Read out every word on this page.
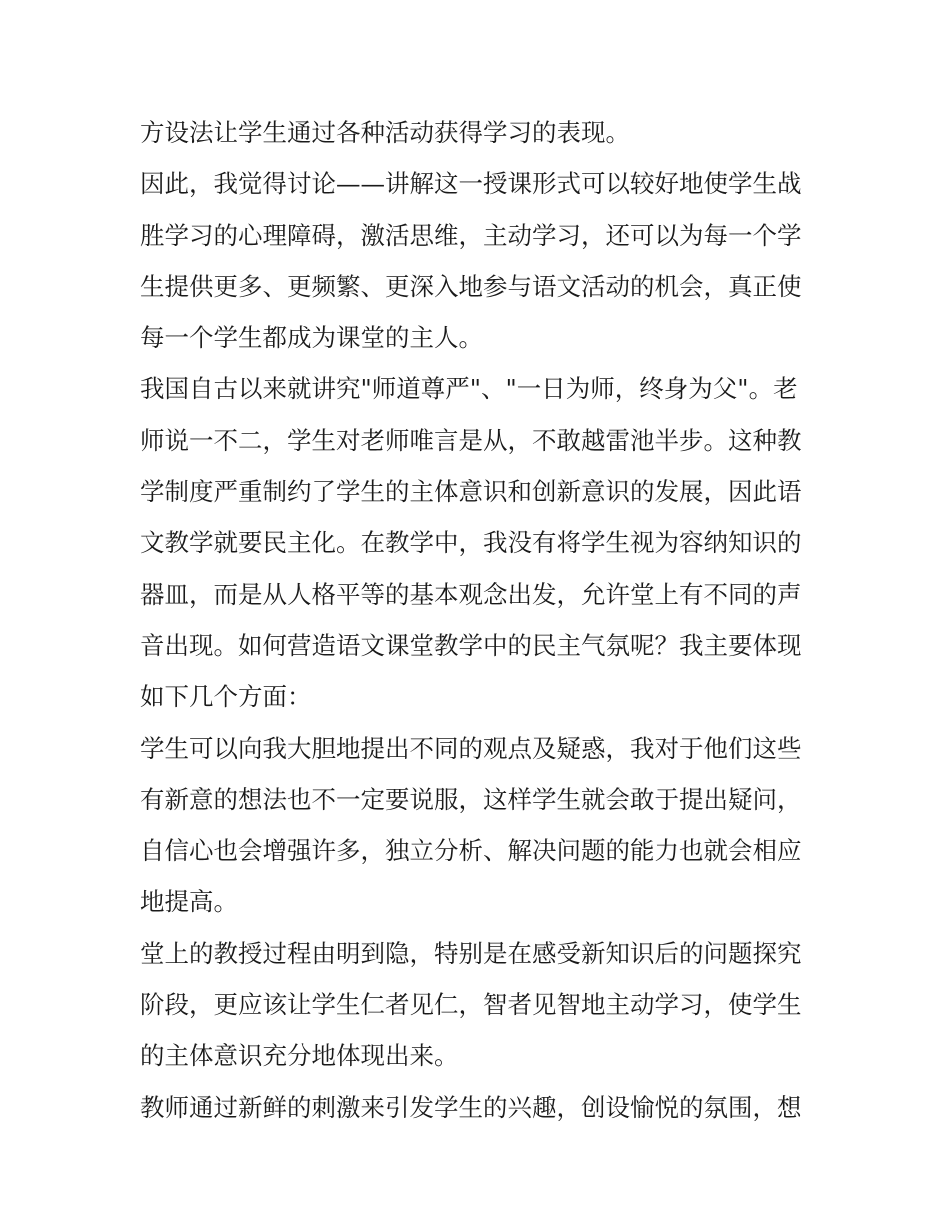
方设法让学生通过各种活动获得学习的表现。
因此，我觉得讨论——讲解这一授课形式可以较好地使学生战
胜学习的心理障碍，激活思维，主动学习，还可以为每一个学
生提供更多、更频繁、更深入地参与语文活动的机会，真正使
每一个学生都成为课堂的主人。
我国自古以来就讲究"师道尊严"、"一日为师，终身为父"。老
师说一不二，学生对老师唯言是从，不敢越雷池半步。这种教
学制度严重制约了学生的主体意识和创新意识的发展，因此语
文教学就要民主化。在教学中，我没有将学生视为容纳知识的
器皿，而是从人格平等的基本观念出发，允许堂上有不同的声
音出现。如何营造语文课堂教学中的民主气氛呢？我主要体现
如下几个方面：
学生可以向我大胆地提出不同的观点及疑惑，我对于他们这些
有新意的想法也不一定要说服，这样学生就会敢于提出疑问，
自信心也会增强许多，独立分析、解决问题的能力也就会相应
地提高。
堂上的教授过程由明到隐，特别是在感受新知识后的问题探究
阶段，更应该让学生仁者见仁，智者见智地主动学习，使学生
的主体意识充分地体现出来。
教师通过新鲜的刺激来引发学生的兴趣，创设愉悦的氛围，想
